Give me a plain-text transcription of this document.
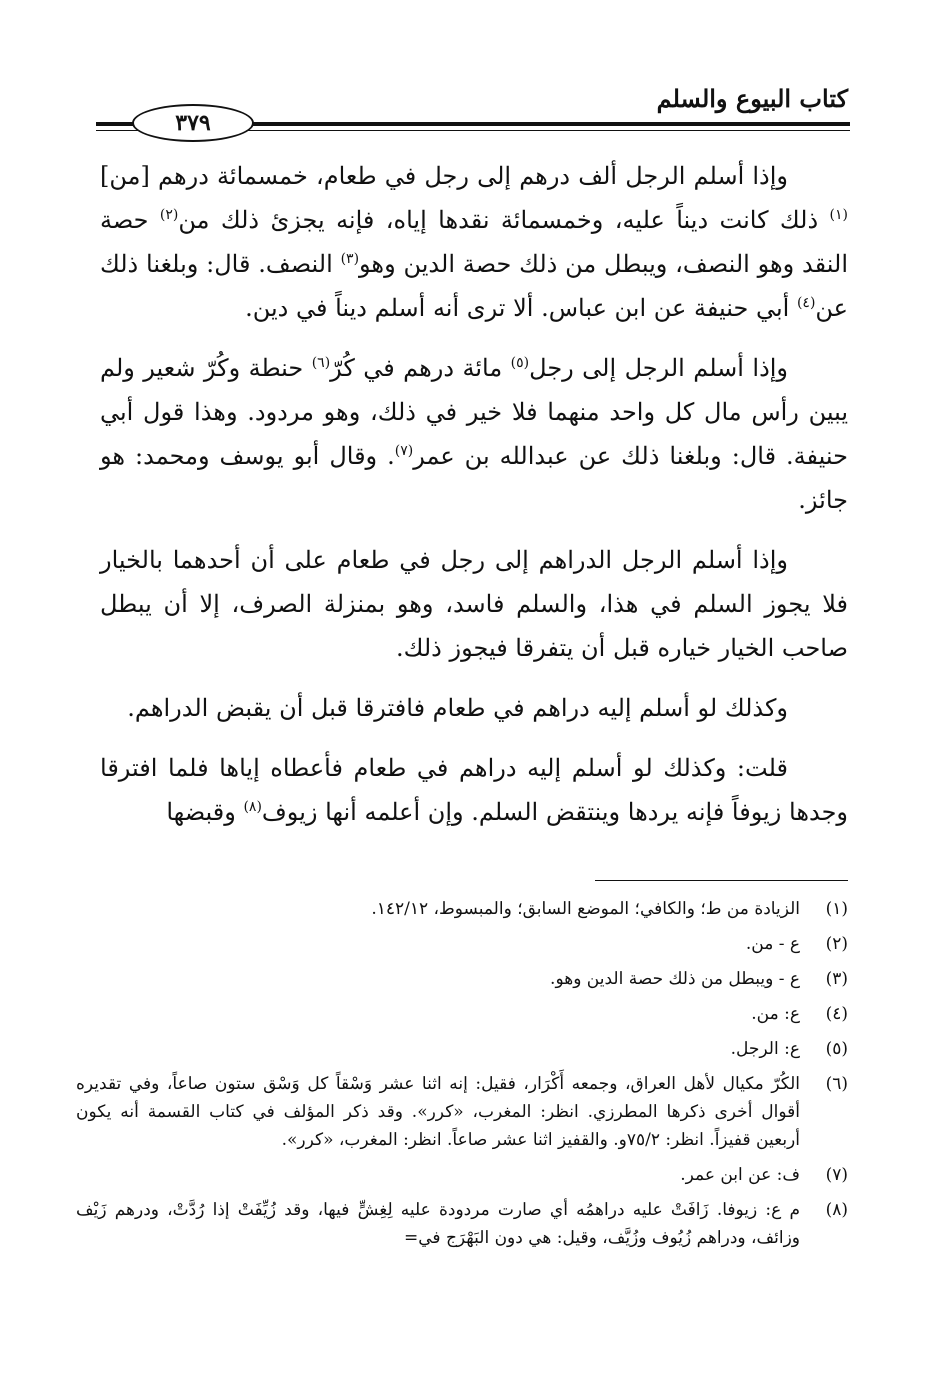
كتاب البيوع والسلم
٣٧٩

وإذا أسلم الرجل ألف درهم إلى رجل في طعام، خمسمائة درهم [من]$^{(١)}$ ذلك كانت ديناً عليه، وخمسمائة نقدها إياه، فإنه يجزئ ذلك من$^{(٢)}$ حصة النقد وهو النصف، ويبطل من ذلك حصة الدين وهو$^{(٣)}$ النصف. قال: وبلغنا ذلك عن$^{(٤)}$ أبي حنيفة عن ابن عباس. ألا ترى أنه أسلم ديناً في دين.

وإذا أسلم الرجل إلى رجل$^{(٥)}$ مائة درهم في كُرّ$^{(٦)}$ حنطة وكُرّ شعير ولم يبين رأس مال كل واحد منهما فلا خير في ذلك، وهو مردود. وهذا قول أبي حنيفة. قال: وبلغنا ذلك عن عبدالله بن عمر$^{(٧)}$. وقال أبو يوسف ومحمد: هو جائز.

وإذا أسلم الرجل الدراهم إلى رجل في طعام على أن أحدهما بالخيار فلا يجوز السلم في هذا، والسلم فاسد، وهو بمنزلة الصرف، إلا أن يبطل صاحب الخيار خياره قبل أن يتفرقا فيجوز ذلك.

وكذلك لو أسلم إليه دراهم في طعام فافترقا قبل أن يقبض الدراهم.

قلت: وكذلك لو أسلم إليه دراهم في طعام فأعطاه إياها فلما افترقا وجدها زيوفاً فإنه يردها وينتقض السلم. وإن أعلمه أنها زيوف$^{(٨)}$ وقبضها

(١)
الزيادة من ط؛ والكافي؛ الموضع السابق؛ والمبسوط، ١٤٢/١٢.
(٢)
ع - من.
(٣)
ع - ويبطل من ذلك حصة الدين وهو.
(٤)
ع: من.
(٥)
ع: الرجل.
(٦)
الكُرّ مكيال لأهل العراق، وجمعه أَكْرَار، فقيل: إنه اثنا عشر وَسْقاً كل وَسْق ستون صاعاً، وفي تقديره أقوال أخرى ذكرها المطرزي. انظر: المغرب، «كرر». وقد ذكر المؤلف في كتاب القسمة أنه يكون أربعين قفيزاً. انظر: ٧٥/٢و. والقفيز اثنا عشر صاعاً. انظر: المغرب، «كرر».
(٧)
ف: عن ابن عمر.
(٨)
م ع: زيوفا. زَافَتْ عليه دراهمُه أي صارت مردودة عليه لِغِشٍّ فيها، وقد زُيِّفَتْ إذا رُدَّتْ، ودرهم زَيْف وزائف، ودراهم زُيُوف وزُيَّف، وقيل: هي دون البَهْرَج في=
